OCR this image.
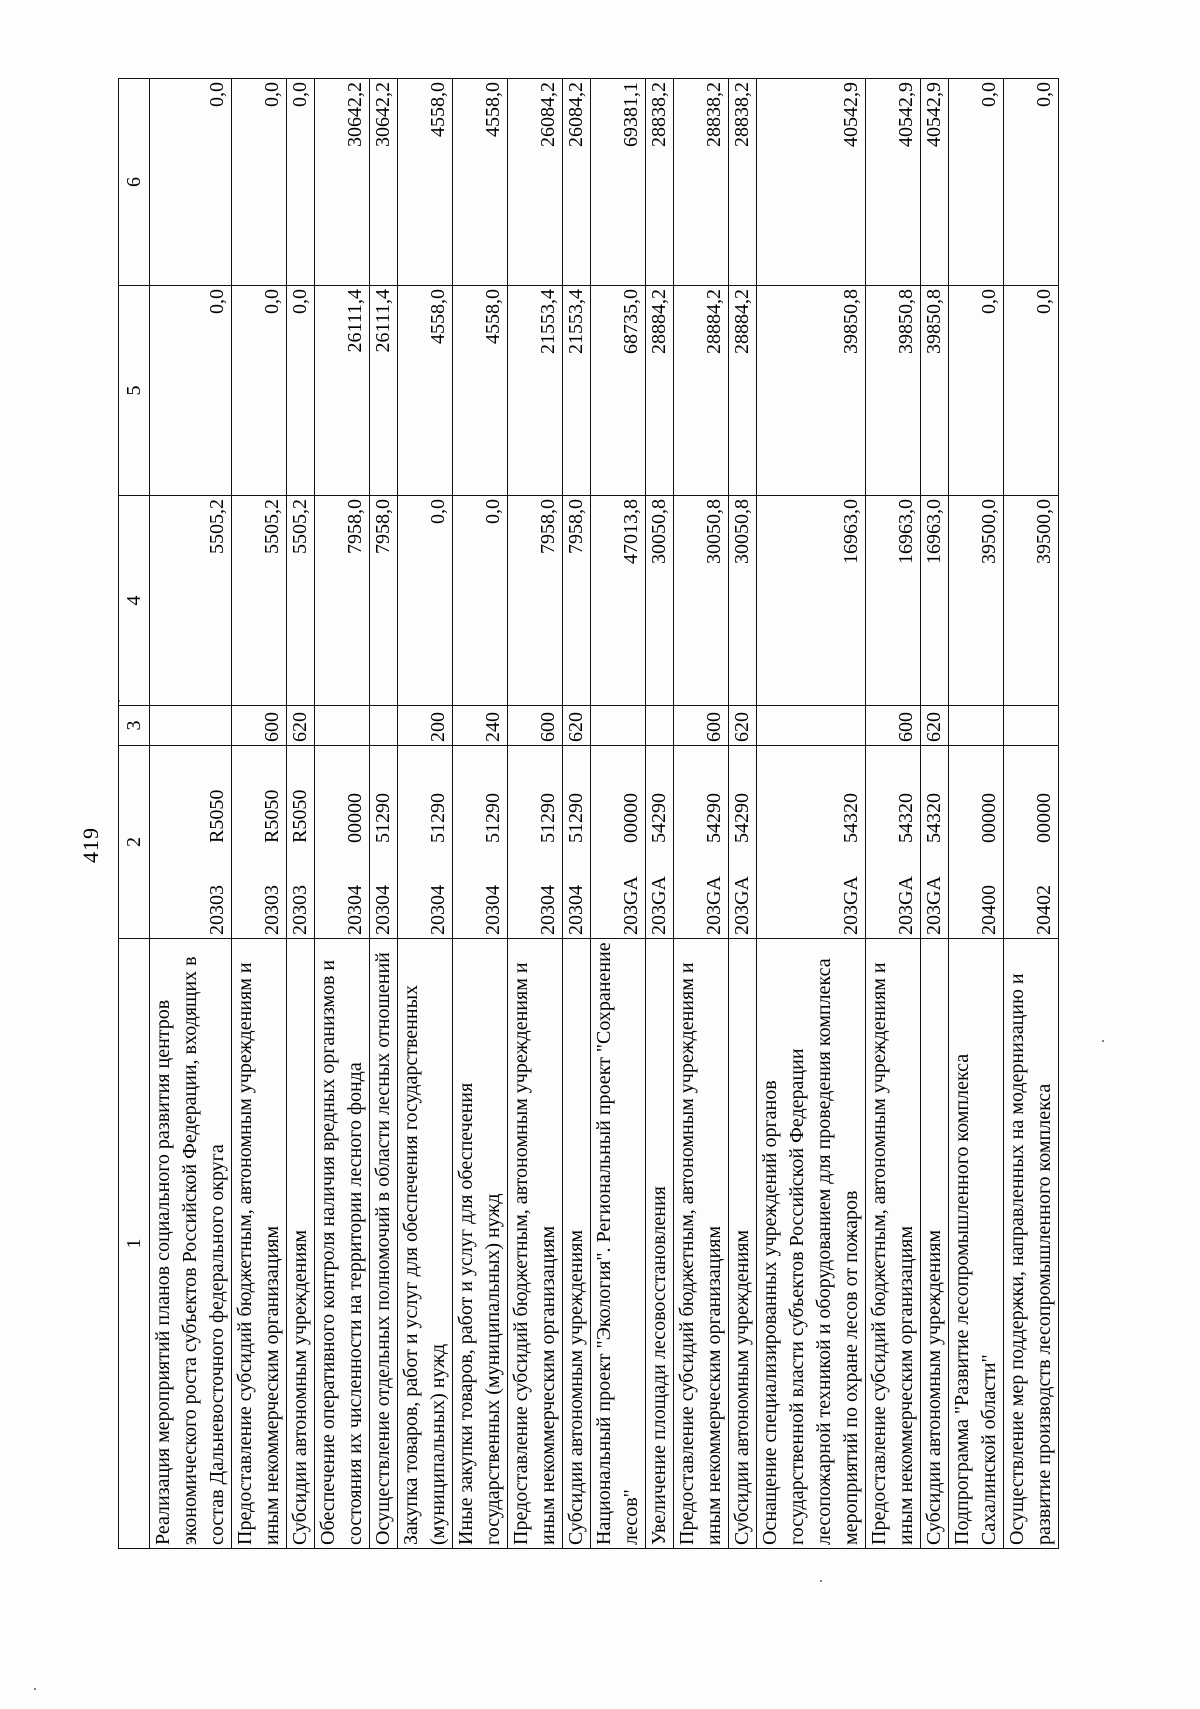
419
1	2	3	4	5	6
Реализация мероприятий планов социального развития центров экономического роста субъектов Российской Федерации, входящих в состав Дальневосточного федерального округа	20303R5050		5505,2	0,0	0,0
Предоставление субсидий бюджетным, автономным учреждениям и иным некоммерческим организациям	20303R5050	600	5505,2	0,0	0,0
Субсидии автономным учреждениям	20303R5050	620	5505,2	0,0	0,0
Обеспечение оперативного контроля наличия вредных организмов и состояния их численности на территории лесного фонда	2030400000		7958,0	26111,4	30642,2
Осуществление отдельных полномочий в области лесных отношений	2030451290		7958,0	26111,4	30642,2
Закупка товаров, работ и услуг для обеспечения государственных (муниципальных) нужд	2030451290	200	0,0	4558,0	4558,0
Иные закупки товаров, работ и услуг для обеспечения государственных (муниципальных) нужд	2030451290	240	0,0	4558,0	4558,0
Предоставление субсидий бюджетным, автономным учреждениям и иным некоммерческим организациям	2030451290	600	7958,0	21553,4	26084,2
Субсидии автономным учреждениям	2030451290	620	7958,0	21553,4	26084,2
Национальный проект "Экология". Региональный проект "Сохранение лесов"	203GA00000		47013,8	68735,0	69381,1
Увеличение площади лесовосстановления	203GA54290		30050,8	28884,2	28838,2
Предоставление субсидий бюджетным, автономным учреждениям и иным некоммерческим организациям	203GA54290	600	30050,8	28884,2	28838,2
Субсидии автономным учреждениям	203GA54290	620	30050,8	28884,2	28838,2
Оснащение специализированных учреждений органов государственной власти субъектов Российской Федерации лесопожарной техникой и оборудованием для проведения комплекса мероприятий по охране лесов от пожаров	203GA54320		16963,0	39850,8	40542,9
Предоставление субсидий бюджетным, автономным учреждениям и иным некоммерческим организациям	203GA54320	600	16963,0	39850,8	40542,9
Субсидии автономным учреждениям	203GA54320	620	16963,0	39850,8	40542,9
Подпрограмма "Развитие лесопромышленного комплекса Сахалинской области"	2040000000		39500,0	0,0	0,0
Осуществление мер поддержки, направленных на модернизацию и развитие производств лесопромышленного комплекса	2040200000		39500,0	0,0	0,0
